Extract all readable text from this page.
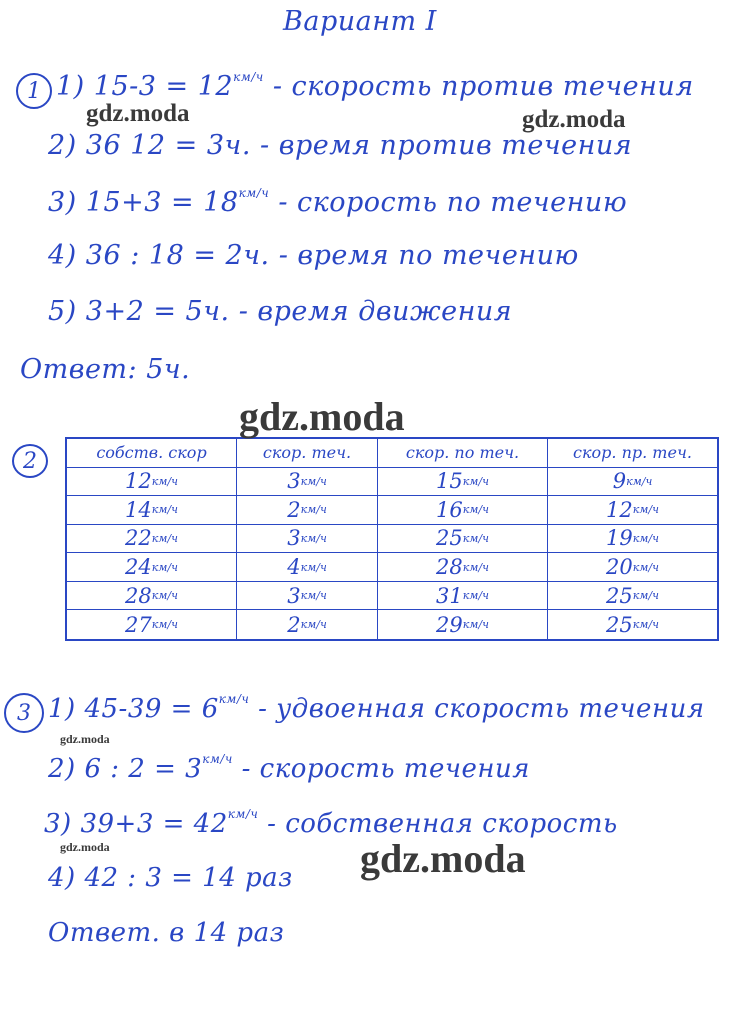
Вариант I
1 1) $15-3 = 12^{км/ч}$ - скорость против течения
2) 36 12 = 3ч. - время против течения
3) $15+3 = 18^{км/ч}$ - скорость по течению
4) 36 : 18 = 2ч. - время по течению
5) 3+2 = 5ч. - время движения
Ответ: 5ч.
2	собств. скор	скор. теч.	скор. по теч.	скор. пр. теч.
12 км/ч	3 км/ч	15 км/ч	9 км/ч
14 км/ч	2 км/ч	16 км/ч	12 км/ч
22 км/ч	3 км/ч	25 км/ч	19 км/ч
24 км/ч	4 км/ч	28 км/ч	20 км/ч
28 км/ч	3 км/ч	31 км/ч	25 км/ч
27 км/ч	2 км/ч	29 км/ч	25 км/ч
3 1) $45-39 = 6^{км/ч}$ - удвоенная скорость течения
2) 6 : $2 = 3^{км/ч}$ - скорость течения
3) $39+3 = 42^{км/ч}$ - собственная скорость
4) 42 : 3 = 14 раз
Ответ. в 14 раз
gdz.moda	gdz.moda
gdz.moda
gdz.moda
gdz.moda	gdz.moda
